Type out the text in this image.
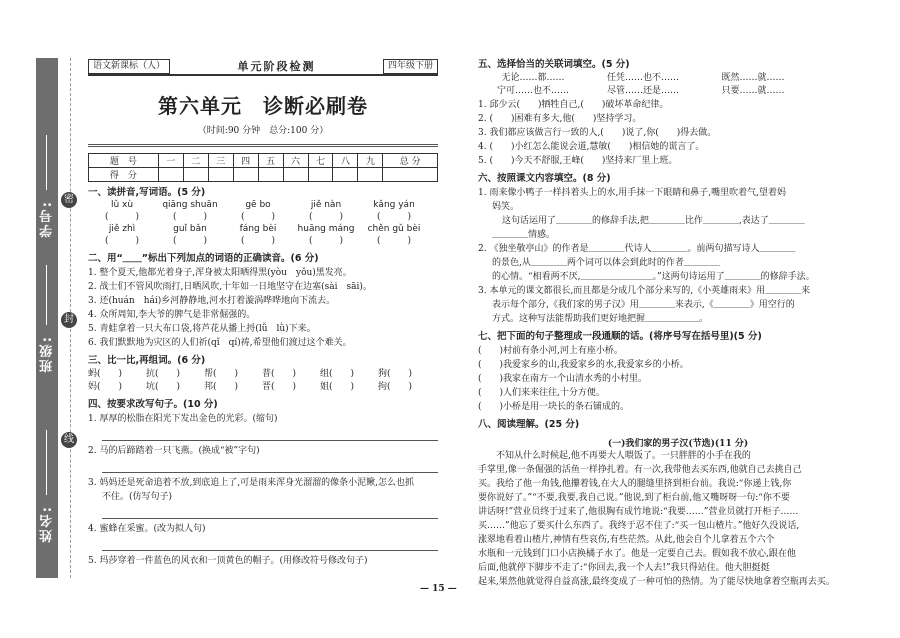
密
封
线
学号:
班级:
姓名:
语文新课标（人）	单元阶段检测	四年级下册
第六单元　诊断必刷卷
（时间:90 分钟　总分:100 分）
题　号	一	二	三	四	五	六	七	八	九	总 分
得　分										
一、读拼音,写词语。(5 分)
lǔ xù	qiāng shuān	gē bo	jiě nàn	kǎng yán
(　　　)	(　　　)	(　　　)	(　　　)	(　　　)
jiě zhì	guǐ bǎn	fáng bèi	huāng máng	chěn gǔ bèi
(　　　)	(　　　)	(　　　)	(　　　)	(　　　)
二、用“＿＿”标出下列加点的词语的正确读音。(6 分)
1. 整个夏天,他都光着身子,浑身被太阳晒得黑(yòu　yǒu)黑发亮。
2. 战士们不管风吹雨打,日晒风吹,十年如一日地坚守在边塞(sài　sāi)。
3. 还(huán　hái)乡河静静地,河水打着漩涡哗哗地向下流去。
4. 众所周知,李大爷的脾气是非常倔强的。
5. 青蛙拿着一只大布口袋,将芦花从播上捋(lǚ　lǜ)下来。
6. 我们默默地为灾区的人们祈(qǐ　qí)祷,希望他们渡过这个难关。
三、比一比,再组词。(6 分)
蚂(　　)	抗(　　)	帮(　　)	普(　　)	组(　　)	狗(　　)
妈(　　)	坑(　　)	邦(　　)	晋(　　)	姐(　　)	拘(　　)
四、按要求改写句子。(10 分)
1. 厚厚的松脂在阳光下发出金色的光彩。(缩句)
2. 马的后蹄踏着一只飞燕。(换成“被”字句)
3. 妈妈还是死命追着不放,到底追上了,可是雨来浑身光溜溜的像条小泥鳅,怎么也抓
不住。(仿写句子)
4. 蜜蜂在采蜜。(改为拟人句)
5. 玛莎穿着一件蓝色的风衣和一顶黄色的帽子。(用修改符号修改句子)
五、选择恰当的关联词填空。(5 分)
无论……都……	任凭……也不……	既然……就……
宁可……也不……	尽管……还是……	只要……就……
1. 邱少云(　　)牺牲自己,(　　)破坏革命纪律。
2. (　　)困难有多大,他(　　)坚持学习。
3. 我们都应该做言行一致的人,(　　)说了,你(　　)得去做。
4. (　　)小红怎么能说会道,慧敏(　　)相信她的谎言了。
5. (　　)今天不舒服,王峰(　　)坚持来厂里上班。
六、按照课文内容填空。(8 分)
1. 雨来像小鸭子一样抖着头上的水,用手抹一下眼睛和鼻子,嘴里吹着气,望着妈
妈笑。
这句话运用了＿＿＿＿的修辞手法,把＿＿＿＿比作＿＿＿＿,表达了＿＿＿＿
＿＿＿＿情感。
2. 《独坐敬亭山》的作者是＿＿＿＿代诗人＿＿＿＿。前两句描写诗人＿＿＿＿
的景色,从＿＿＿＿两个词可以体会到此时的作者＿＿＿＿
的心情。“相看两不厌,＿＿＿＿＿＿＿＿。”这两句诗运用了＿＿＿＿的修辞手法。
3. 本单元的课文都很长,而且都是分成几个部分来写的,《小英雄雨来》用＿＿＿＿来
表示每个部分,《我们家的男子汉》用＿＿＿＿来表示,《＿＿＿＿》用空行的
方式。这种写法能帮助我们更好地把握＿＿＿＿＿＿。
七、把下面的句子整理成一段通顺的话。(将序号写在括号里)(5 分)
(　　)村前有条小河,河上有座小桥。
(　　)我爱家乡的山,我爱家乡的水,我爱家乡的小桥。
(　　)我家在南方一个山清水秀的小村里。
(　　)人们来来往往,十分方便。
(　　)小桥是用一块长的条石铺成的。
八、阅读理解。(25 分)
(一)我们家的男子汉(节选)(11 分)
不知从什么时候起,他不再要大人喂饭了。一只胖胖的小手在我的
手掌里,像一条倔强的活鱼一样挣扎着。有一次,我带他去买东西,他就自己去挑自己
买。我给了他一角钱,他攥着钱,在大人的腿缝里挤到柜台前。我说:“你递上钱,你
要你说好了。”“不要,我要,我自己说。”他说,到了柜台前,他又嘴呀呀一句:“你不要
讲话呀!”营业员终于过来了,他很胸有成竹地说:“我要……”营业员就打开柜子……
买……”他忘了要买什么东西了。我终于忍不住了:“买一包山楂片。”他好久没说话,
涨翠地看着山楂片,神情有些哀伤,有些茫然。从此,他会自个儿拿着五个六个
水瓶和一元钱到门口小店换橘子水了。他是一定要自己去。假如我不放心,跟在他
后面,他就停下脚步不走了:“你回去,我一个人去!”我只得站住。他大胆挺挺
起来,果然他就觉得自益高涨,最终变成了一种可怕的热情。为了能尽快地拿着空瓶再去买。
— 15 —
